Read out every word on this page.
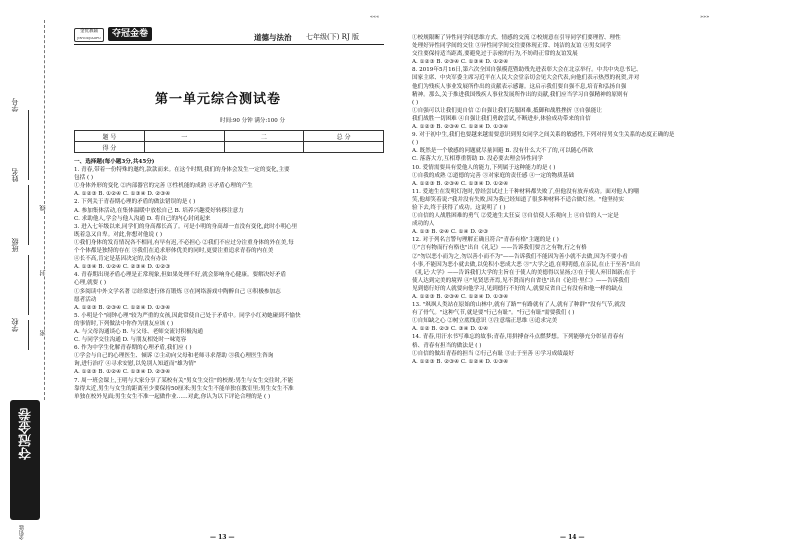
学校
班级
姓名
学号
线
封
密
夺冠金卷
金钥匙
金优教辅
JINYOUJIAOFU	夺冠金卷	道德与法治 七年级(下) RJ 版
第一单元综合测试卷
时间:90 分钟 满分:100 分
题 号	一	二	总 分
得 分			
一、选择题(每小题3分,共45分)
1. 青春,带着一份特殊的邀约,款款而来。在这个时期,我们的身体会发生一定的变化,主要
包括 ( )
①身体外形的变化 ②内部器官的完善 ③性机能的成熟 ④矛盾心理的产生
A. ①②③ B. ①②④ C. ①③④ D. ②③④
2. 下列关于青春期心理的矛盾的做法错误的是 ( )
A. 参加集体活动,在集体温暖中放松自己 B. 培养兴趣爱好转移注意力
C. 求助他人,学会与他人沟通 D. 将自己的内心封闭起来
3. 进入七年级以来,同学们的身高都长高了。可是小明的身高却一直没有变化,此时小明心里
既着急又自卑。对此,你想对他说 ( )
①我们身体的发育情况各不相同,有早有迟,不必担心 ②我们不应过分注重身体的外在美,每
个个体都是独特的存在 ③我们在追求形体优美的同时,更要注重追求青春的内在美
④长不高,肯定是基因决定的,没有办法
A. ①③④ B. ①②④ C. ②③④ D. ①②③
4. 青春期出现矛盾心理是正常现象,但如果处理不好,就会影响身心健康。要解决好矛盾
心理,就要 ( )
①多阅读中外文学名著 ②经常进行体育锻炼 ③在网络游戏中陶醉自己 ④积极参加志
愿者活动
A. ①②③ B. ②③④ C. ①②④ D. ①③④
5. 小明是个"闹钟心理"较为严重的女孩,因此常使自己处于矛盾中。同学小红劝她碰到不愉快
的事情时,下列做法中你作为朋友应该 ( )
A. 与父母沟通谈心 B. 与父母、老师交流讨积极沟通
C. 与同学交往沟通 D. 与朋友相处时一味宽容
6. 作为中学生化解青春期的心理矛盾,我们应 ( )
①学会与自己的心理医生、倾诉 ②主动向父母和老师寻求帮助 ③我心理医生咨询
询,进行治疗 ④寻求安慰,以免别人知道而"雄为情"
A. ①②③ B. ①②④ C. ①③④ D. ②③④
7. 周一班会课上,王明与大家分享了某校有关"男女生交往"的校规:男生与女生交往时,不能
靠得太近,男生与女生的距离至少要保持50厘米;男生女生不能单独在教室里;男生女生不准
单独在校外见面;男生女生不准一起做作业……对此,你认为以下评论合理的是 ( )
①校规限断了异性同学间思维方式、情感的交流 ②校规意在引导同学们要理智、理性
处理好异性同学间的交往 ③异性同学间交往要体现正常、纯洁的友谊 ④男女同学
交往要保持适当距离,要避免过于亲密的行为,不妨碍正常的友谊发展
A. ①②③ B. ②③④ C. ①③④ D. ①②④
8. 2019年5月16日,第六次全国自强模范暨助残先进表彰大会在北京举行。中共中央总书记、
国家主席、中央军委主席习近平在人民大会堂亲切会见大会代表,向他们表示热烈的祝贺,并对
他们为残疾人事业发展所作出的贡献表示感谢。这启示我们要自强不息,培育和弘扬自强
精神。那么,关于推进我国残疾人事业发展所作出的贡献,我们应当学习自强精神的原则有
( )
①自强可以让我们更自信 ②自强让我们克服困难,抵御和战胜挫折 ③自强能让
我们战胜一切困难 ④自强让我们勇敢尝试,不断进步,体验成功带来的自信
A. ①②③ B. ②③④ C. ①②④ D. ①③④
9. 对于初中生,我们也要越来越需要意识到男女同学之间关系的敏感性,下列对待男女生关系的态度正确的是
( )
A. 既然是一个敏感的问题就尽量回避 B. 没有什么大不了的,可以随心所欲
C. 落落大方,互相尊重帮助 D. 没必要去理会异性同学
10. 爱情需要具有爱他人的能力,下列属于这种能力的是 ( )
①自我的成熟 ②道德的完善 ③对家庭的责任感 ④一定的物质基础
A. ①②③ B. ②③④ C. ①③④ D. ①②④
11. 爱迪生在发明灯泡时,曾经尝试过上千种材料都失败了,但他没有放弃成功。面对他人的嘲
笑,他却笑着说:"我并没有失败,因为我已经知道了很多种材料不适合做灯丝。"他坚持实
验下去,终于获得了成功。这说明了 ( )
①自信的人战胜困难的勇气 ②爱迪生太狂妄 ③自信使人乐观向上 ④自信的人一定是
成功的人
A. ①③ B. ②④ C. ①④ D. ②③
12. 对于列名言警句理解正确且符合"青春有格"主题的是 ( )
①"言有物而行有格也"出自《礼记》——告诉我们要言之有物,行之有格
②"勿以恶小而为之,勿以善小而不为"——告诉我们不能因为善小就不去做,因为不要小看
小事,不能因为恶小就去做,以免积小恶成大恶 ③"大学之道,在明明德,在亲民,在止于至善"出自
《礼记·大学》——告诉我们大学的主旨在于使人的美德得以显扬;③在于使人弃旧图新;在于
使人达到完美的境界 ④"见贤思齐焉,见不贤而内自省也"出自《论语·里仁》——告诉我们
见到德行好的人就要向他学习,见到德行不好的人,就要反省自己有没有和他一样的缺点
A. ①②③ B. ②③④ C. ①②④ D. ①③④
13. "飒飒人类站在原始的山林中,就有了路""有路就有了人,就有了种群""没有气节,就没
有了骨气。"这种气节,就是要"行己有耻"。"行己有耻"需要我们 ( )
①自知缺之心 ②树立底线意识 ③注意端正思维 ④追求完美
A. ①② B. ②③ C. ③④ D. ①④
14. 青春,用汗水书写难忘的故事;青春,用拼搏奋斗点燃梦想。下列能够充分彰显青春有
格、青春有担当的做法是 ( )
①自信的做出青春的担当 ②行己有耻 ③止于至善 ④学习成绩最好
A. ①②③ B. ②③④ C. ①②④ D. ①③④
— 13 —	— 14 —
«««	»»»
